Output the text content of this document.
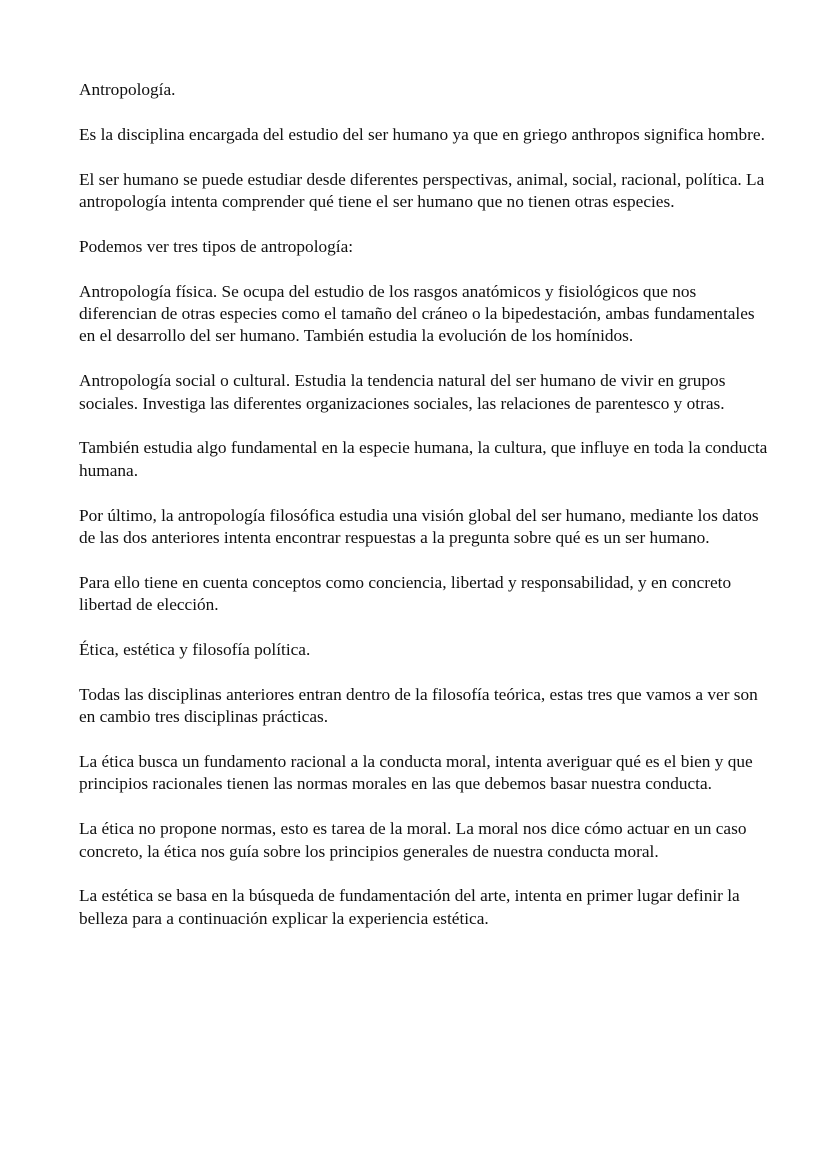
Antropología.

Es la disciplina encargada del estudio del ser humano ya que en griego anthropos significa hombre.

El ser humano se puede estudiar desde diferentes perspectivas, animal, social, racional, política. La antropología intenta comprender qué tiene el ser humano que no tienen otras especies.

Podemos ver tres tipos de antropología:

Antropología física. Se ocupa del estudio de los rasgos anatómicos y fisiológicos que nos diferencian de otras especies como el tamaño del cráneo o la bipedestación, ambas fundamentales en el desarrollo del ser humano. También estudia la evolución de los homínidos.

Antropología social o cultural. Estudia la tendencia natural del ser humano de vivir en grupos sociales. Investiga las diferentes organizaciones sociales, las relaciones de parentesco y otras.

También estudia algo fundamental en la especie humana, la cultura, que influye en toda la conducta humana.

Por último, la antropología filosófica estudia una visión global del ser humano, mediante los datos de las dos anteriores intenta encontrar respuestas a la pregunta sobre qué es un ser humano.

Para ello tiene en cuenta conceptos como conciencia, libertad y responsabilidad, y en concreto libertad de elección.

Ética, estética y filosofía política.

Todas las disciplinas anteriores entran dentro de la filosofía teórica, estas tres que vamos a ver son en cambio tres disciplinas prácticas.

La ética busca un fundamento racional a la conducta moral, intenta averiguar qué es el bien y que principios racionales tienen las normas morales en las que debemos basar nuestra conducta.

La ética no propone normas, esto es tarea de la moral. La moral nos dice cómo actuar en un caso concreto, la ética nos guía sobre los principios generales de nuestra conducta moral.

La estética se basa en la búsqueda de fundamentación del arte, intenta en primer lugar definir la belleza para a continuación explicar la experiencia estética.
